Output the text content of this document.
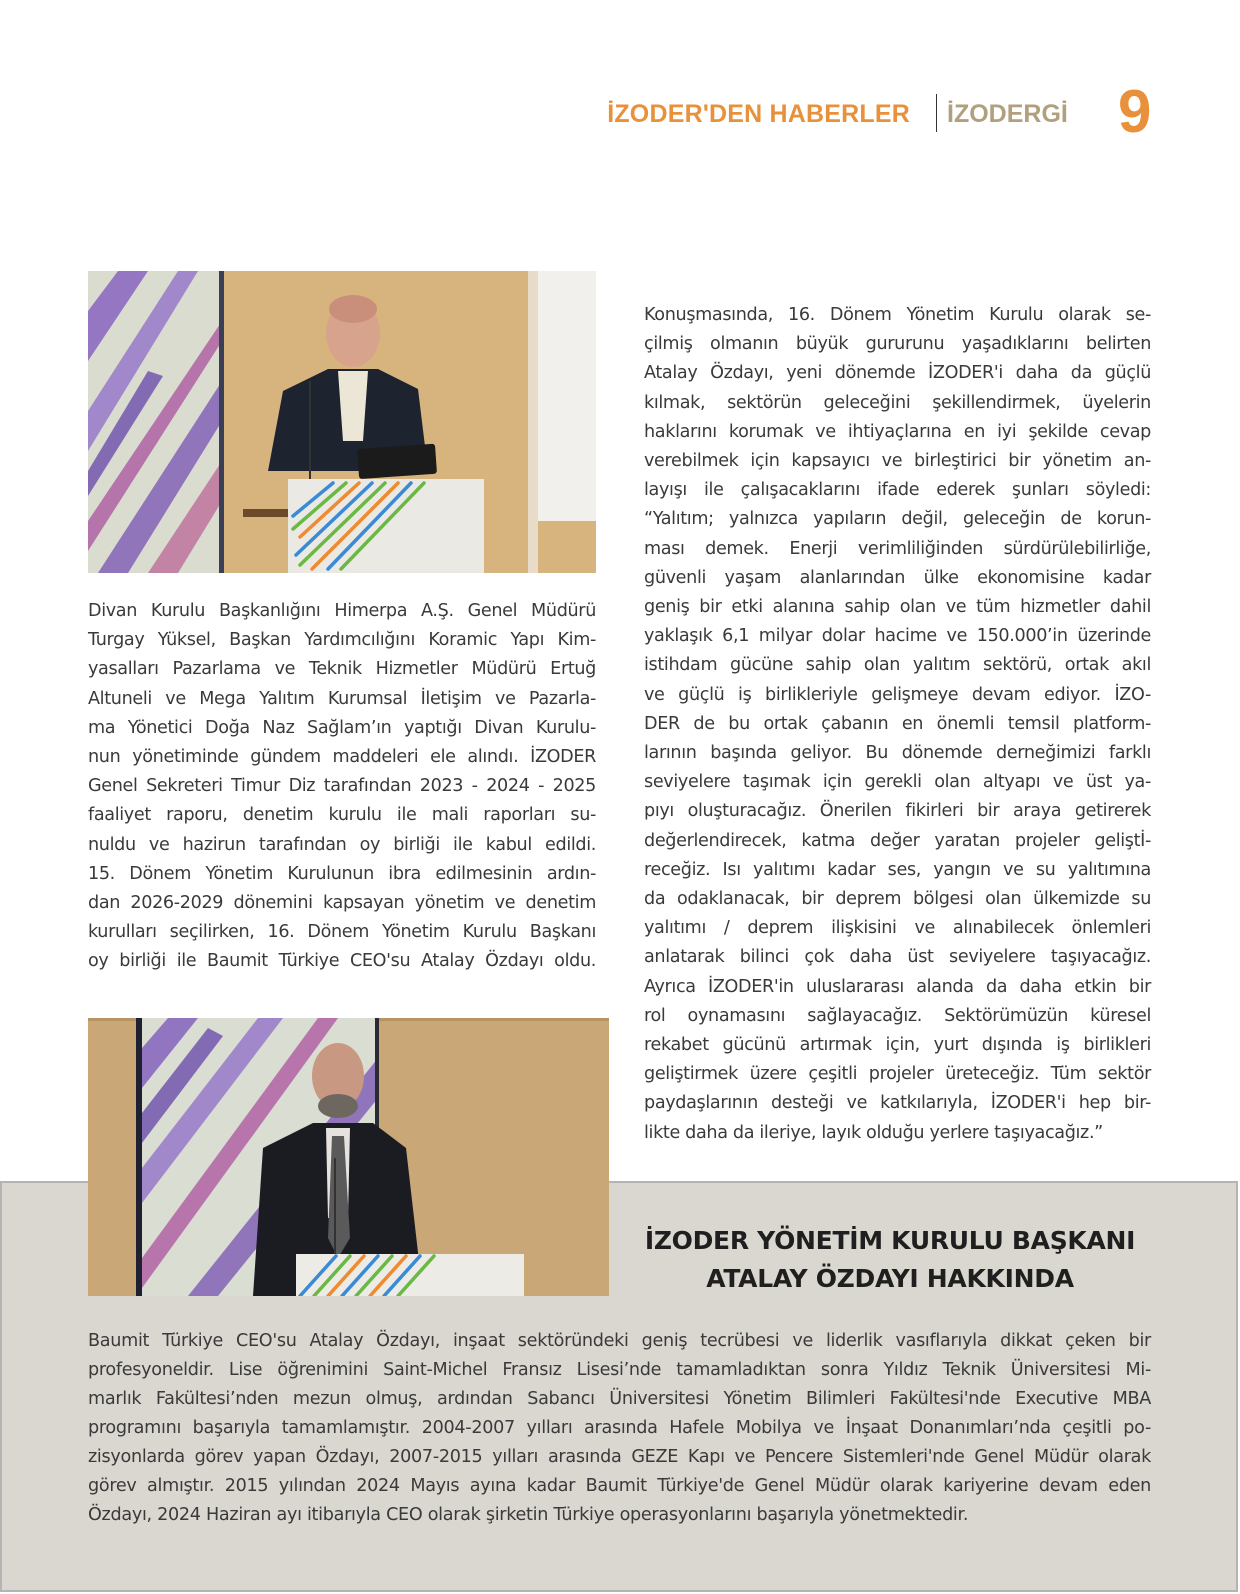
İZODER'DEN HABERLER İZODERGİ 9
Divan Kurulu Başkanlığını Himerpa A.Ş. Genel Müdürü
Turgay Yüksel, Başkan Yardımcılığını Koramic Yapı Kim-
yasalları Pazarlama ve Teknik Hizmetler Müdürü Ertuğ
Altuneli ve Mega Yalıtım Kurumsal İletişim ve Pazarla-
ma Yönetici Doğa Naz Sağlam’ın yaptığı Divan Kurulu-
nun yönetiminde gündem maddeleri ele alındı. İZODER
Genel Sekreteri Timur Diz tarafından 2023 - 2024 - 2025
faaliyet raporu, denetim kurulu ile mali raporları su-
nuldu ve hazirun tarafından oy birliği ile kabul edildi.
15. Dönem Yönetim Kurulunun ibra edilmesinin ardın-
dan 2026-2029 dönemini kapsayan yönetim ve denetim
kurulları seçilirken, 16. Dönem Yönetim Kurulu Başkanı
oy birliği ile Baumit Türkiye CEO'su Atalay Özdayı oldu.
Konuşmasında, 16. Dönem Yönetim Kurulu olarak se-
çilmiş olmanın büyük gururunu yaşadıklarını belirten
Atalay Özdayı, yeni dönemde İZODER'i daha da güçlü
kılmak, sektörün geleceğini şekillendirmek, üyelerin
haklarını korumak ve ihtiyaçlarına en iyi şekilde cevap
verebilmek için kapsayıcı ve birleştirici bir yönetim an-
layışı ile çalışacaklarını ifade ederek şunları söyledi:
“Yalıtım; yalnızca yapıların değil, geleceğin de korun-
ması demek. Enerji verimliliğinden sürdürülebilirliğe,
güvenli yaşam alanlarından ülke ekonomisine kadar
geniş bir etki alanına sahip olan ve tüm hizmetler dahil
yaklaşık 6,1 milyar dolar hacime ve 150.000’in üzerinde
istihdam gücüne sahip olan yalıtım sektörü, ortak akıl
ve güçlü iş birlikleriyle gelişmeye devam ediyor. İZO-
DER de bu ortak çabanın en önemli temsil platform-
larının başında geliyor. Bu dönemde derneğimizi farklı
seviyelere taşımak için gerekli olan altyapı ve üst ya-
pıyı oluşturacağız. Önerilen fikirleri bir araya getirerek
değerlendirecek, katma değer yaratan projeler geliştİ-
receğiz. Isı yalıtımı kadar ses, yangın ve su yalıtımına
da odaklanacak, bir deprem bölgesi olan ülkemizde su
yalıtımı / deprem ilişkisini ve alınabilecek önlemleri
anlatarak bilinci çok daha üst seviyelere taşıyacağız.
Ayrıca İZODER'in uluslararası alanda da daha etkin bir
rol oynamasını sağlayacağız. Sektörümüzün küresel
rekabet gücünü artırmak için, yurt dışında iş birlikleri
geliştirmek üzere çeşitli projeler üreteceğiz. Tüm sektör
paydaşlarının desteği ve katkılarıyla, İZODER'i hep bir-
likte daha da ileriye, layık olduğu yerlere taşıyacağız.”
İZODER YÖNETİM KURULU BAŞKANI
ATALAY ÖZDAYI HAKKINDA
Baumit Türkiye CEO'su Atalay Özdayı, inşaat sektöründeki geniş tecrübesi ve liderlik vasıflarıyla dikkat çeken bir
profesyoneldir. Lise öğrenimini Saint-Michel Fransız Lisesi’nde tamamladıktan sonra Yıldız Teknik Üniversitesi Mi-
marlık Fakültesi’nden mezun olmuş, ardından Sabancı Üniversitesi Yönetim Bilimleri Fakültesi'nde Executive MBA
programını başarıyla tamamlamıştır. 2004-2007 yılları arasında Hafele Mobilya ve İnşaat Donanımları’nda çeşitli po-
zisyonlarda görev yapan Özdayı, 2007-2015 yılları arasında GEZE Kapı ve Pencere Sistemleri'nde Genel Müdür olarak
görev almıştır. 2015 yılından 2024 Mayıs ayına kadar Baumit Türkiye'de Genel Müdür olarak kariyerine devam eden
Özdayı, 2024 Haziran ayı itibarıyla CEO olarak şirketin Türkiye operasyonlarını başarıyla yönetmektedir.
